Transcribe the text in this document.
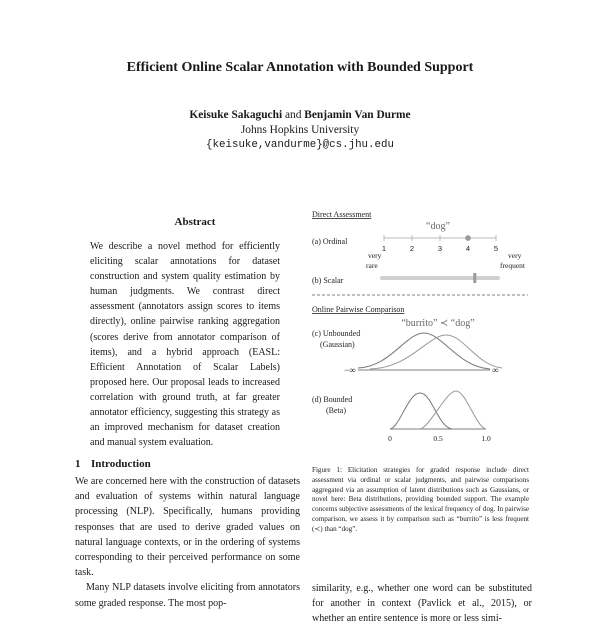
Efficient Online Scalar Annotation with Bounded Support
Keisuke Sakaguchi and Benjamin Van Durme
Johns Hopkins University
{keisuke,vandurme}@cs.jhu.edu
Abstract
We describe a novel method for efficiently eliciting scalar annotations for dataset construction and system quality estimation by human judgments. We contrast direct assessment (annotators assign scores to items directly), online pairwise ranking aggregation (scores derive from annotator comparison of items), and a hybrid approach (EASL: Efficient Annotation of Scalar Labels) proposed here. Our proposal leads to increased correlation with ground truth, at far greater annotator efficiency, suggesting this strategy as an improved mechanism for dataset creation and manual system evaluation.
1 Introduction

We are concerned here with the construction of datasets and evaluation of systems within natural language processing (NLP). Specifically, humans providing responses that are used to derive graded values on natural language contexts, or in the ordering of systems corresponding to their perceived performance on some task.

Many NLP datasets involve eliciting from annotators some graded response. The most pop-

Direct Assessment
“dog”
(a) Ordinal
1	2	3	4	5
very
rare
very
frequent
(b) Scalar
Online Pairwise Comparison
“burrito” ≺ “dog”
(c) Unbounded
(Gaussian)
−∞	∞
(d) Bounded
(Beta)
0	0.5	1.0
Figure 1: Elicitation strategies for graded response include direct assessment via ordinal or scalar judgments, and pairwise comparisons aggregated via an assumption of latent distributions such as Gaussians, or novel here: Beta distributions, providing bounded support. The example concerns subjective assessments of the lexical frequency of dog. In pairwise comparison, we assess it by comparison such as “burrito” is less frequent (≺) than “dog”.
similarity, e.g., whether one word can be substituted for another in context (Pavlick et al., 2015), or whether an entire sentence is more or less simi-
